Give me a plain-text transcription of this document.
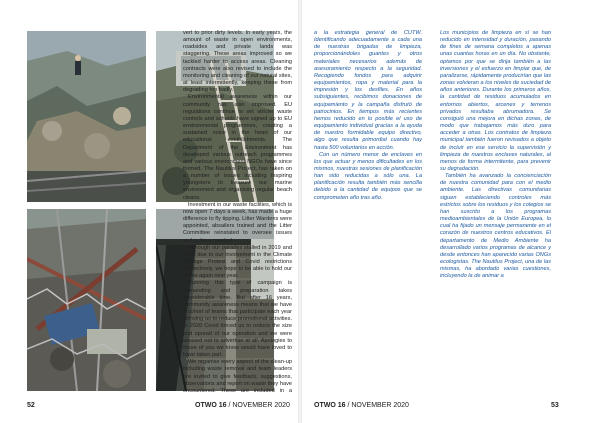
vert to prior dirty levels. In early years, the amount of waste in open environments, roadsides and private lands was staggering. These areas improved so we tackled harder to access areas. Cleaning contracts were also revised to include the monitoring and cleaning of our natural sites, at least intermittently, keeping these from degrading too badly.

Environmental awareness within our community has also improved. EU regulations continue to set stricter waste controls and schools have signed up to EU environmental programmes, creating a sustained voice in the heart of our educational establishments. The Department of the Environment has developed various outreach programmes and various environment NGOs have since formed, The Nautilus Project, has taken on a number of issues including inspiring youngsters to treasure our marine environment and organising regular beach cleans.

Investment in our waste facilities, which is now open 7 days a week, has made a huge difference to fly tipping. Litter Wardens were appointed, absailers trained and the Litter Committee reinstated to oversee issues and actions needed.

Although our parades stalled in 2019 and 2020 due to our involvement in the Climate Change Protest and Covid restrictions respectively, we hope to be able to hold our rallies again next year.

Running this type of campaign is demanding and preparation takes considerable time. But after 16 years, community awareness means that we have a cohort of teams that participate each year allowing us to reduce promotional activities. In 2020 Covid forced us to reduce the size and spread of our operation and we were advised not to advertise at all. Apologies to those of you we know would have loved to have taken part.

We organise every aspect of the clean-up including waste removal and team leaders are invited to give feedback, suggestions, observations and report on waste they have encountered. These are included in a

a la estrategia general de CUTW. Identificando adecuadamente a cada una de nuestras brigadas de limpieza, proporcionándoles guantes y otros materiales necesarios además de asesoramiento respecto a la seguridad. Recogiendo fondos para adquirir equipamientos, ropa y material para la impresión y los desfiles. En años subsiguientes, recibimos donaciones de equipamiento y la campaña disfrutó de patrocinios. En tiempos más recientes hemos reducido en lo posible el uso de equipamiento individual gracias a la ayuda de nuestro formidable equipo directivo, algo que resulta primordial cuando hay hasta 500 voluntarios en acción.

Con un número menor de enclaves en los que actuar y menos dificultades en los mismos, nuestras sesiones de planificación han sido reducidas a sólo una. La planificación resulta también más sencilla debido a la cantidad de equipos que se comprometen año tras año.

Los municipios de limpieza en sí se han reducido en intensidad y duración, pasando de fines de semana completos a apenas unas cuantas horas en un día. No obstante, optamos por que se dirija también a las inversiones y el esfuerzo en limpiar que, de paralizarse, rápidamente producirían que las zonas volvieran a los niveles de suciedad de años anteriores. Durante los primeros años, la cantidad de residuos acumulados en entornos abiertos, arcenes y terrenos privados resultaba abrumadora. Se consiguió una mejora en dichas zonas, de modo que trabajamos más duro para acceder a otras. Los contratos de limpieza municipal también fueron revisados a objeto de incluir en ese servicio la supervisión y limpieza de nuestros enclaves naturales, al menos de forma intermitente, para prevenir su degradación.

También ha avanzado la concienciación de nuestra comunidad para con el medio ambiente. Las directivas comunitarias siguen estableciendo controles más estrictos sobre los residuos y los colegios se han suscrito a los programas medioambientales de la Unión Europea, lo cual ha fijado un mensaje permanente en el corazón de nuestros centros educativos. El departamento de Medio Ambiente ha desarrollado varios programas de alcance y desde entonces han aparecido varias ONGs ecologistas. The Nautilus Project, una de las mismas, ha abordado varias cuestiones, incluyendo la de animar a

52	OTWO 16 / NOVEMBER 2020	OTWO 16 / NOVEMBER 2020	53
